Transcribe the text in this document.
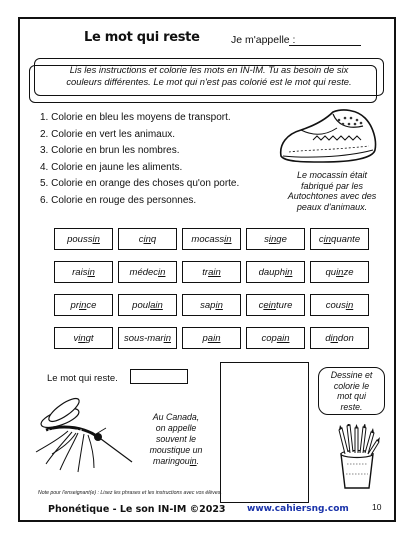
Le mot qui reste	Je m'appelle :
Lis les instructions et colorie les mots en IN-IM. Tu as besoin de six
couleurs différentes. Le mot qui n'est pas colorié est le mot qui reste.
1. Colorie en bleu les moyens de transport.
2. Colorie en vert les animaux.
3. Colorie en brun les nombres.
4. Colorie en jaune les aliments.
5. Colorie en orange des choses qu'on porte.
6. Colorie en rouge des personnes.
Le mocassin était
fabriqué par les
Autochtones avec des
peaux d'animaux.
poussin	cinq	mocassin	singe	cinquante
raisin	médecin	train	dauphin	quinze
prince	poulain	sapin	ceinture	cousin
vingt	sous-marin	pain	copain	dindon
Le mot qui reste.	Dessine et
colorie le
mot qui
reste.
Au Canada,
on appelle
souvent le
moustique un
maringouin.
Note pour l'enseignant(e) : Lisez les phrases et les instructions avec vos élèves.
Phonétique - Le son IN-IM ©2023 www.cahiersng.com	10
